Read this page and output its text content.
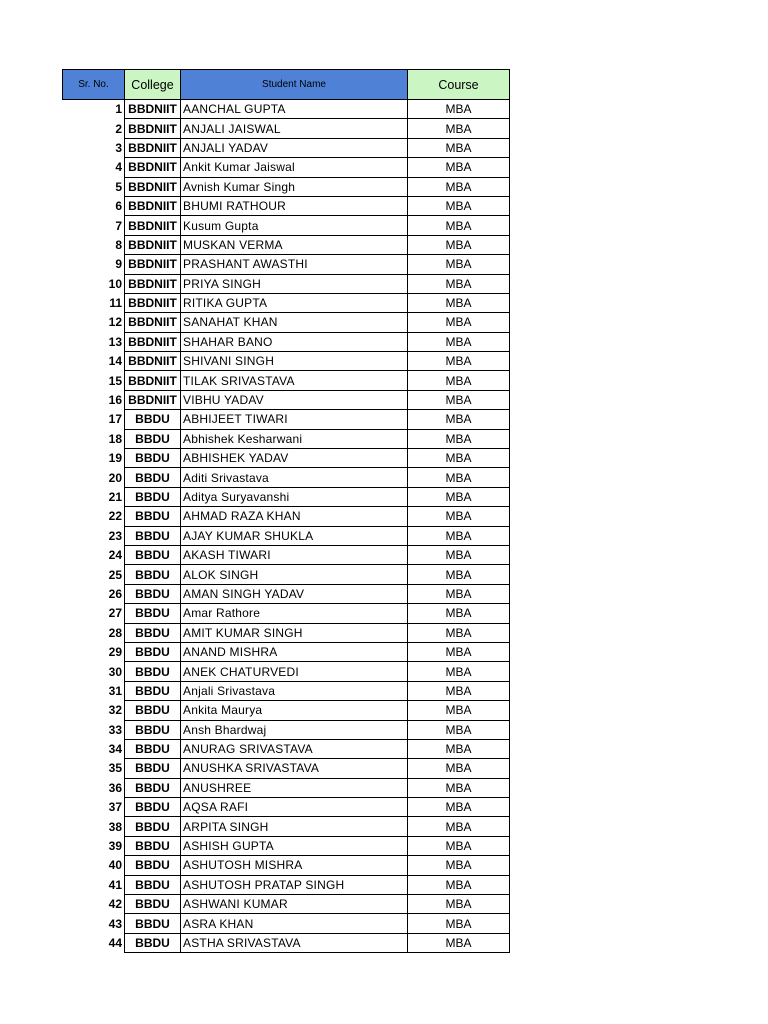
Sr. No.	College	Student Name	Course
1	BBDNIIT	AANCHAL GUPTA	MBA
2	BBDNIIT	ANJALI JAISWAL	MBA
3	BBDNIIT	ANJALI YADAV	MBA
4	BBDNIIT	Ankit Kumar Jaiswal	MBA
5	BBDNIIT	Avnish Kumar Singh	MBA
6	BBDNIIT	BHUMI RATHOUR	MBA
7	BBDNIIT	Kusum Gupta	MBA
8	BBDNIIT	MUSKAN VERMA	MBA
9	BBDNIIT	PRASHANT AWASTHI	MBA
10	BBDNIIT	PRIYA SINGH	MBA
11	BBDNIIT	RITIKA GUPTA	MBA
12	BBDNIIT	SANAHAT KHAN	MBA
13	BBDNIIT	SHAHAR BANO	MBA
14	BBDNIIT	SHIVANI SINGH	MBA
15	BBDNIIT	TILAK SRIVASTAVA	MBA
16	BBDNIIT	VIBHU YADAV	MBA
17	BBDU	ABHIJEET TIWARI	MBA
18	BBDU	Abhishek Kesharwani	MBA
19	BBDU	ABHISHEK YADAV	MBA
20	BBDU	Aditi Srivastava	MBA
21	BBDU	Aditya Suryavanshi	MBA
22	BBDU	AHMAD RAZA KHAN	MBA
23	BBDU	AJAY KUMAR SHUKLA	MBA
24	BBDU	AKASH TIWARI	MBA
25	BBDU	ALOK SINGH	MBA
26	BBDU	AMAN SINGH YADAV	MBA
27	BBDU	Amar Rathore	MBA
28	BBDU	AMIT KUMAR SINGH	MBA
29	BBDU	ANAND MISHRA	MBA
30	BBDU	ANEK CHATURVEDI	MBA
31	BBDU	Anjali Srivastava	MBA
32	BBDU	Ankita Maurya	MBA
33	BBDU	Ansh Bhardwaj	MBA
34	BBDU	ANURAG SRIVASTAVA	MBA
35	BBDU	ANUSHKA SRIVASTAVA	MBA
36	BBDU	ANUSHREE	MBA
37	BBDU	AQSA RAFI	MBA
38	BBDU	ARPITA SINGH	MBA
39	BBDU	ASHISH GUPTA	MBA
40	BBDU	ASHUTOSH MISHRA	MBA
41	BBDU	ASHUTOSH PRATAP SINGH	MBA
42	BBDU	ASHWANI KUMAR	MBA
43	BBDU	ASRA KHAN	MBA
44	BBDU	ASTHA SRIVASTAVA	MBA
